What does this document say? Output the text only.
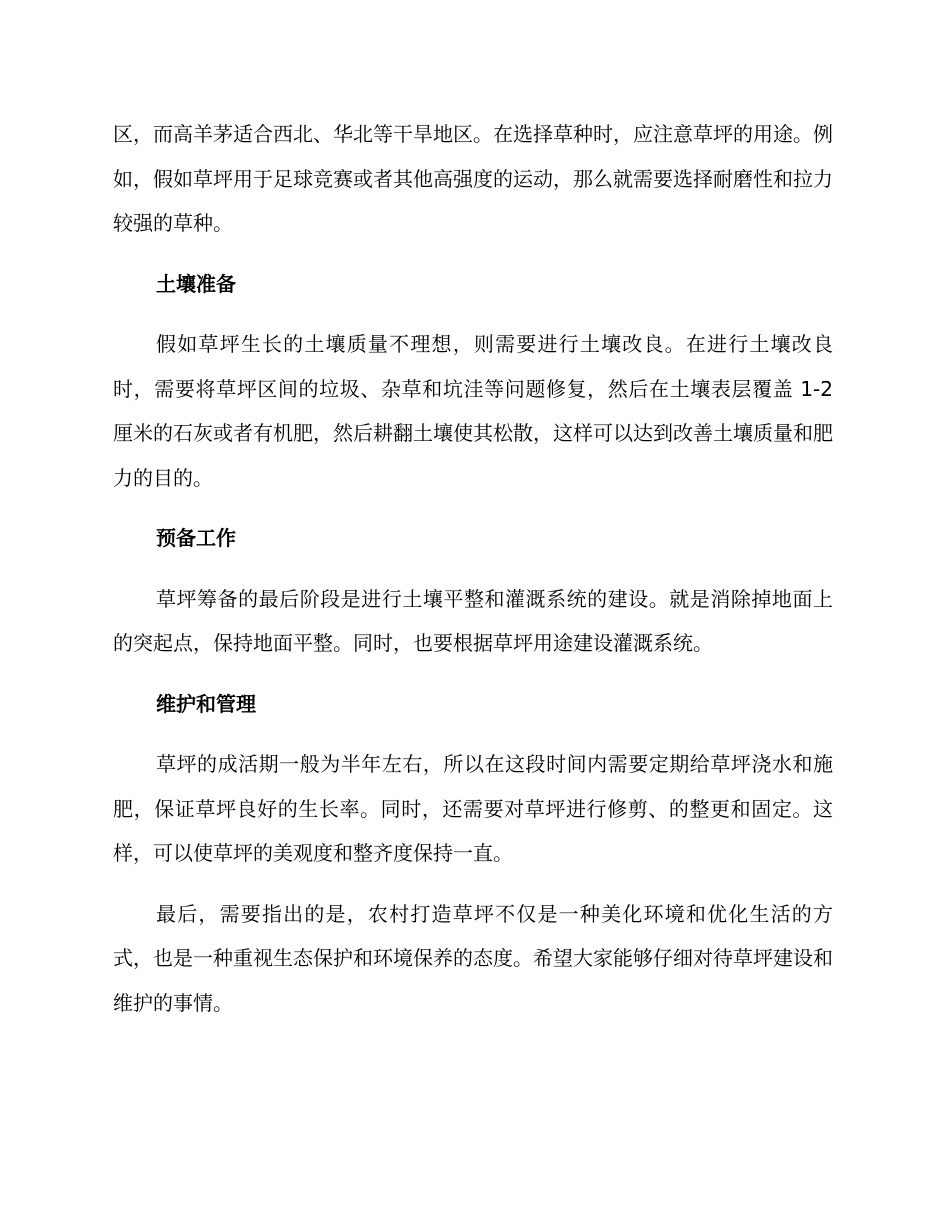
区，而高羊茅适合西北、华北等干旱地区。在选择草种时，应注意草坪的用途。例如，假如草坪用于足球竞赛或者其他高强度的运动，那么就需要选择耐磨性和拉力较强的草种。

土壤准备

假如草坪生长的土壤质量不理想，则需要进行土壤改良。在进行土壤改良时，需要将草坪区间的垃圾、杂草和坑洼等问题修复，然后在土壤表层覆盖 1-2 厘米的石灰或者有机肥，然后耕翻土壤使其松散，这样可以达到改善土壤质量和肥力的目的。

预备工作

草坪筹备的最后阶段是进行土壤平整和灌溉系统的建设。就是消除掉地面上的突起点，保持地面平整。同时，也要根据草坪用途建设灌溉系统。

维护和管理

草坪的成活期一般为半年左右，所以在这段时间内需要定期给草坪浇水和施肥，保证草坪良好的生长率。同时，还需要对草坪进行修剪、的整更和固定。这样，可以使草坪的美观度和整齐度保持一直。

最后，需要指出的是，农村打造草坪不仅是一种美化环境和优化生活的方式，也是一种重视生态保护和环境保养的态度。希望大家能够仔细对待草坪建设和维护的事情。
